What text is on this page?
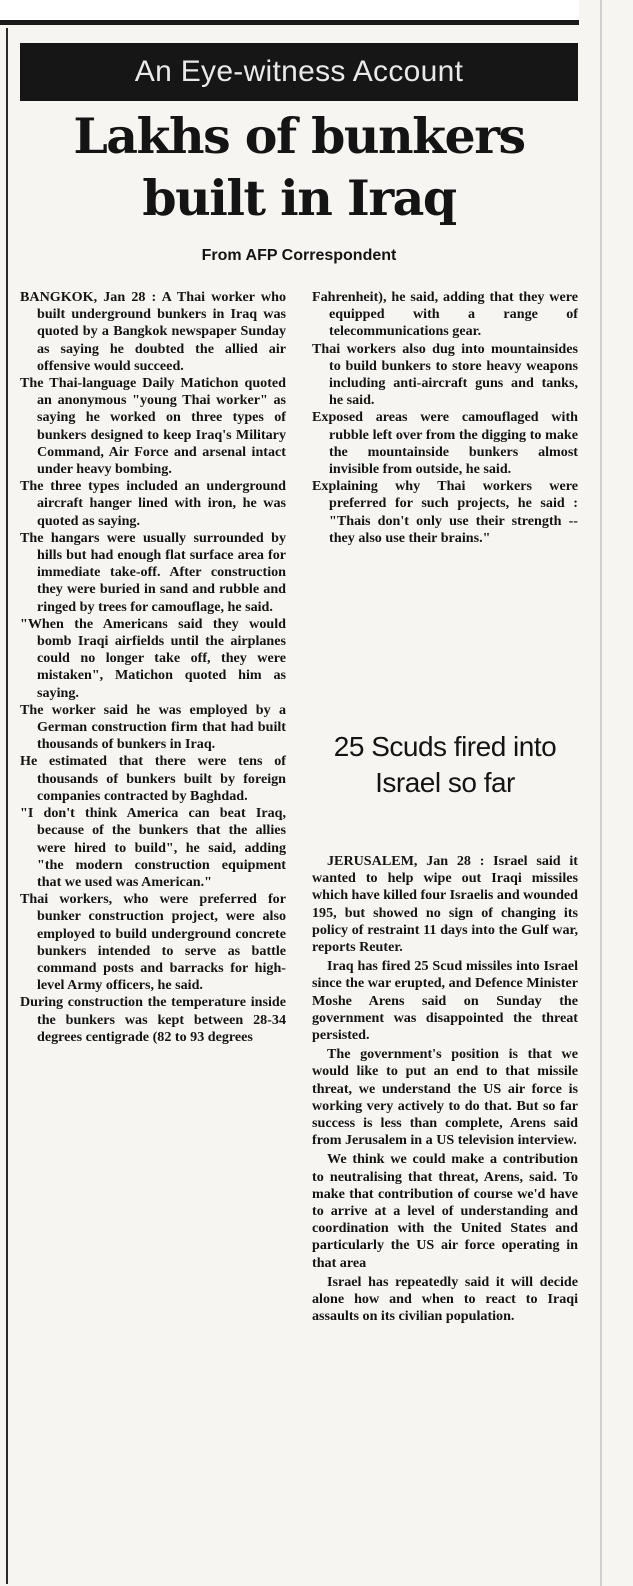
An Eye-witness Account
Lakhs of bunkers built in Iraq
From AFP Correspondent

BANGKOK, Jan 28 : A Thai worker who built underground bunkers in Iraq was quoted by a Bangkok newspaper Sunday as saying he doubted the allied air offensive would succeed.

The Thai-language Daily Matichon quoted an anonymous "young Thai worker" as saying he worked on three types of bunkers designed to keep Iraq's Military Command, Air Force and arsenal intact under heavy bombing.

The three types included an underground aircraft hanger lined with iron, he was quoted as saying.

The hangars were usually surrounded by hills but had enough flat surface area for immediate take-off. After construction they were buried in sand and rubble and ringed by trees for camouflage, he said.

"When the Americans said they would bomb Iraqi airfields until the airplanes could no longer take off, they were mistaken", Matichon quoted him as saying.

The worker said he was employed by a German construction firm that had built thousands of bunkers in Iraq.

He estimated that there were tens of thousands of bunkers built by foreign companies contracted by Baghdad.

"I don't think America can beat Iraq, because of the bunkers that the allies were hired to build", he said, adding "the modern construction equipment that we used was American."

Thai workers, who were preferred for bunker construction project, were also employed to build underground concrete bunkers intended to serve as battle command posts and barracks for high-level Army officers, he said.

During construction the temperature inside the bunkers was kept between 28-34 degrees centigrade (82 to 93 degrees

Fahrenheit), he said, adding that they were equipped with a range of telecommunications gear.

Thai workers also dug into mountainsides to build bunkers to store heavy weapons including anti-aircraft guns and tanks, he said.

Exposed areas were camouflaged with rubble left over from the digging to make the mountainside bunkers almost invisible from outside, he said.

Explaining why Thai workers were preferred for such projects, he said : "Thais don't only use their strength -- they also use their brains."

25 Scuds fired into Israel so far

JERUSALEM, Jan 28 : Israel said it wanted to help wipe out Iraqi missiles which have killed four Israelis and wounded 195, but showed no sign of changing its policy of restraint 11 days into the Gulf war, reports Reuter.

Iraq has fired 25 Scud missiles into Israel since the war erupted, and Defence Minister Moshe Arens said on Sunday the government was disappointed the threat persisted.

The government's position is that we would like to put an end to that missile threat, we understand the US air force is working very actively to do that. But so far success is less than complete, Arens said from Jerusalem in a US television interview.

We think we could make a contribution to neutralising that threat, Arens, said. To make that contribution of course we'd have to arrive at a level of understanding and coordination with the United States and particularly the US air force operating in that area

Israel has repeatedly said it will decide alone how and when to react to Iraqi assaults on its civilian population.
